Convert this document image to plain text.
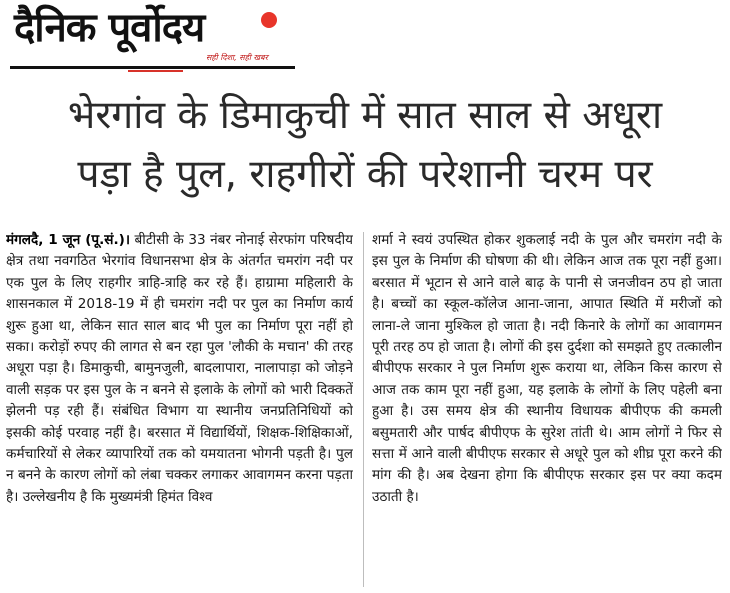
दैनिक पूर्वोदय
सही दिशा, सही खबर
भेरगांव के डिमाकुची में सात साल से अधूरा
पड़ा है पुल, राहगीरों की परेशानी चरम पर
मंगलदै, 1 जून (पू.सं.)। बीटीसी के 33 नंबर नोनाई सेरफांग परिषदीय क्षेत्र तथा नवगठित भेरगांव विधानसभा क्षेत्र के अंतर्गत चमरांग नदी पर एक पुल के लिए राहगीर त्राहि-त्राहि कर रहे हैं। हाग्रामा महिलारी के शासनकाल में 2018-19 में ही चमरांग नदी पर पुल का निर्माण कार्य शुरू हुआ था, लेकिन सात साल बाद भी पुल का निर्माण पूरा नहीं हो सका। करोड़ों रुपए की लागत से बन रहा पुल 'लौकी के मचान' की तरह अधूरा पड़ा है। डिमाकुची, बामुनजुली, बादलापारा, नालापाड़ा को जोड़ने वाली सड़क पर इस पुल के न बनने से इलाके के लोगों को भारी दिक्कतें झेलनी पड़ रही हैं। संबंधित विभाग या स्थानीय जनप्रतिनिधियों को इसकी कोई परवाह नहीं है। बरसात में विद्यार्थियों, शिक्षक-शिक्षिकाओं, कर्मचारियों से लेकर व्यापारियों तक को यमयातना भोगनी पड़ती है। पुल न बनने के कारण लोगों को लंबा चक्कर लगाकर आवागमन करना पड़ता है। उल्लेखनीय है कि मुख्यमंत्री हिमंत विश्व
शर्मा ने स्वयं उपस्थित होकर शुकलाई नदी के पुल और चमरांग नदी के इस पुल के निर्माण की घोषणा की थी। लेकिन आज तक पूरा नहीं हुआ। बरसात में भूटान से आने वाले बाढ़ के पानी से जनजीवन ठप हो जाता है। बच्चों का स्कूल-कॉलेज आना-जाना, आपात स्थिति में मरीजों को लाना-ले जाना मुश्किल हो जाता है। नदी किनारे के लोगों का आवागमन पूरी तरह ठप हो जाता है। लोगों की इस दुर्दशा को समझते हुए तत्कालीन बीपीएफ सरकार ने पुल निर्माण शुरू कराया था, लेकिन किस कारण से आज तक काम पूरा नहीं हुआ, यह इलाके के लोगों के लिए पहेली बना हुआ है। उस समय क्षेत्र की स्थानीय विधायक बीपीएफ की कमली बसुमतारी और पार्षद बीपीएफ के सुरेश तांती थे। आम लोगों ने फिर से सत्ता में आने वाली बीपीएफ सरकार से अधूरे पुल को शीघ्र पूरा करने की मांग की है। अब देखना होगा कि बीपीएफ सरकार इस पर क्या कदम उठाती है।
